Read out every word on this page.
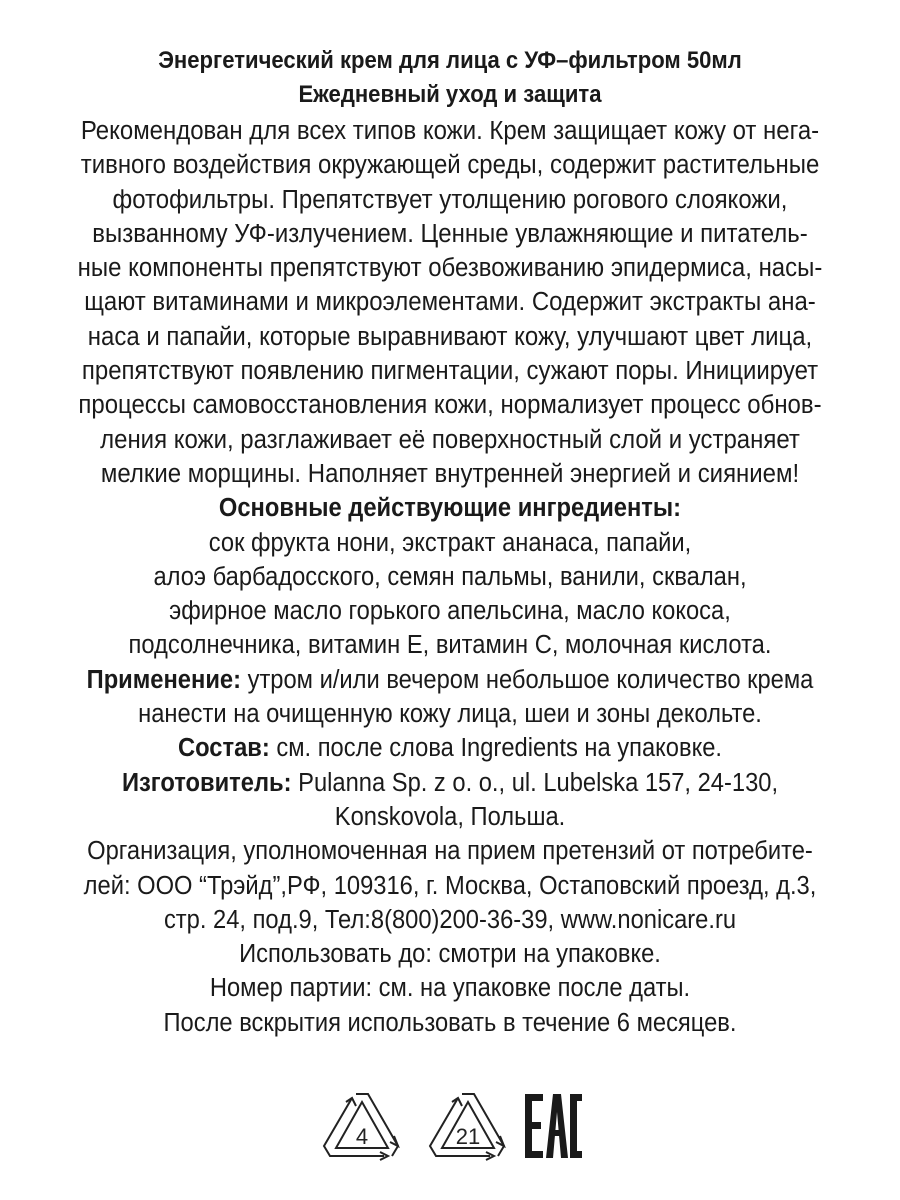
Энергетический крем для лица с УФ–фильтром 50мл
Ежедневный уход и защита
Рекомендован для всех типов кожи. Крем защищает кожу от нега-
тивного воздействия окружающей среды, содержит растительные
фотофильтры. Препятствует утолщению рогового слоякожи,
вызванному УФ-излучением. Ценные увлажняющие и питатель-
ные компоненты препятствуют обезвоживанию эпидермиса, насы-
щают витаминами и микроэлементами. Содержит экстракты ана-
наса и папайи, которые выравнивают кожу, улучшают цвет лица,
препятствуют появлению пигментации, сужают поры. Инициирует
процессы самовосстановления кожи, нормализует процесс обнов-
ления кожи, разглаживает её поверхностный слой и устраняет
мелкие морщины. Наполняет внутренней энергией и сиянием!
Основные действующие ингредиенты:
сок фрукта нони, экстракт ананаса, папайи,
алоэ барбадосского, семян пальмы, ванили, сквалан,
эфирное масло горького апельсина, масло кокоса,
подсолнечника, витамин Е, витамин С, молочная кислота.
Применение: утром и/или вечером небольшое количество крема
нанести на очищенную кожу лица, шеи и зоны декольте.
Состав: см. после слова Ingredients на упаковке.
Изготовитель: Pulanna Sp. z o. o., ul. Lubelska 157, 24-130,
Konskovola, Польша.
Организация, уполномоченная на прием претензий от потребите-
лей: ООО “Трэйд”,РФ, 109316, г. Москва, Остаповский проезд, д.3,
стр. 24, под.9, Тел:8(800)200-36-39, www.nonicare.ru
Использовать до: смотри на упаковке.
Номер партии: см. на упаковке после даты.
После вскрытия использовать в течение 6 месяцев.
4	21
